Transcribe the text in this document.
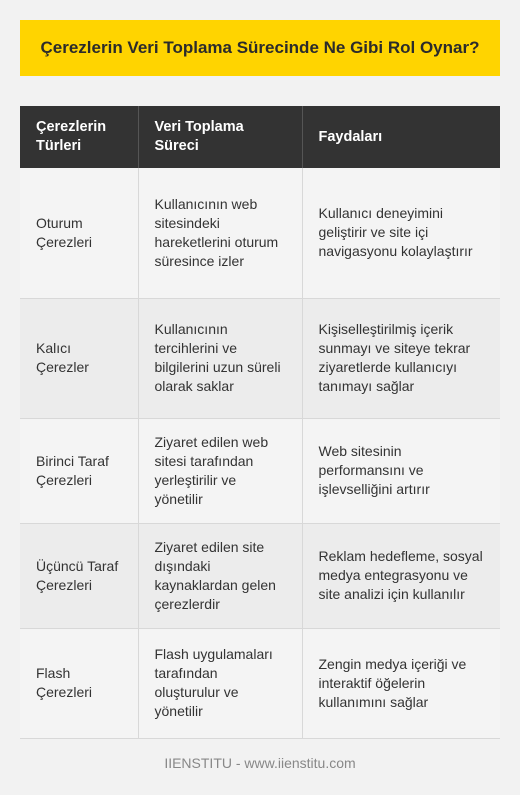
Çerezlerin Veri Toplama Sürecinde Ne Gibi Rol Oynar?
Çerezlerin Türleri	Veri Toplama Süreci	Faydaları
Oturum Çerezleri	Kullanıcının web sitesindeki hareketlerini oturum süresince izler	Kullanıcı deneyimini geliştirir ve site içi navigasyonu kolaylaştırır
Kalıcı Çerezler	Kullanıcının tercihlerini ve bilgilerini uzun süreli olarak saklar	Kişiselleştirilmiş içerik sunmayı ve siteye tekrar ziyaretlerde kullanıcıyı tanımayı sağlar
Birinci Taraf Çerezleri	Ziyaret edilen web sitesi tarafından yerleştirilir ve yönetilir	Web sitesinin performansını ve işlevselliğini artırır
Üçüncü Taraf Çerezleri	Ziyaret edilen site dışındaki kaynaklardan gelen çerezlerdir	Reklam hedefleme, sosyal medya entegrasyonu ve site analizi için kullanılır
Flash Çerezleri	Flash uygulamaları tarafından oluşturulur ve yönetilir	Zengin medya içeriği ve interaktif öğelerin kullanımını sağlar
IIENSTITU - www.iienstitu.com
